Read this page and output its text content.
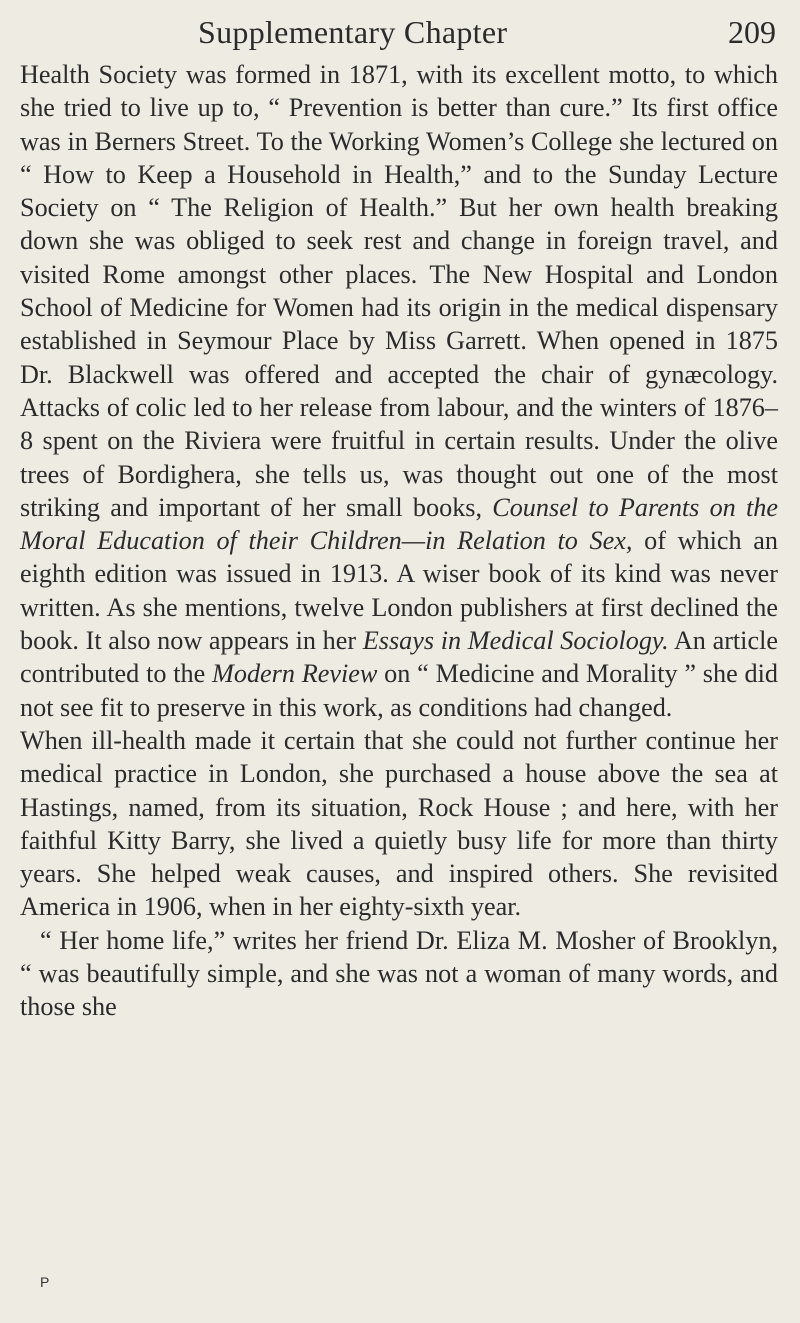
Supplementary Chapter	209

Health Society was formed in 1871, with its excellent motto, to which she tried to live up to, “ Prevention is better than cure.” Its first office was in Berners Street. To the Working Women’s College she lectured on “ How to Keep a Household in Health,” and to the Sunday Lecture Society on “ The Religion of Health.” But her own health breaking down she was obliged to seek rest and change in foreign travel, and visited Rome amongst other places. The New Hospital and London School of Medicine for Women had its origin in the medical dispensary established in Seymour Place by Miss Garrett. When opened in 1875 Dr. Blackwell was offered and accepted the chair of gynæcology. Attacks of colic led to her release from labour, and the winters of 1876–8 spent on the Riviera were fruitful in certain results. Under the olive trees of Bordighera, she tells us, was thought out one of the most striking and important of her small books, Counsel to Parents on the Moral Education of their Children—in Relation to Sex, of which an eighth edition was issued in 1913. A wiser book of its kind was never written. As she mentions, twelve London publishers at first declined the book. It also now appears in her Essays in Medical Sociology. An article contributed to the Modern Review on “ Medicine and Morality ” she did not see fit to preserve in this work, as conditions had changed.

When ill-health made it certain that she could not further continue her medical practice in London, she purchased a house above the sea at Hastings, named, from its situation, Rock House ; and here, with her faithful Kitty Barry, she lived a quietly busy life for more than thirty years. She helped weak causes, and inspired others. She revisited America in 1906, when in her eighty-sixth year.

“ Her home life,” writes her friend Dr. Eliza M. Mosher of Brooklyn, “ was beautifully simple, and she was not a woman of many words, and those she

P
